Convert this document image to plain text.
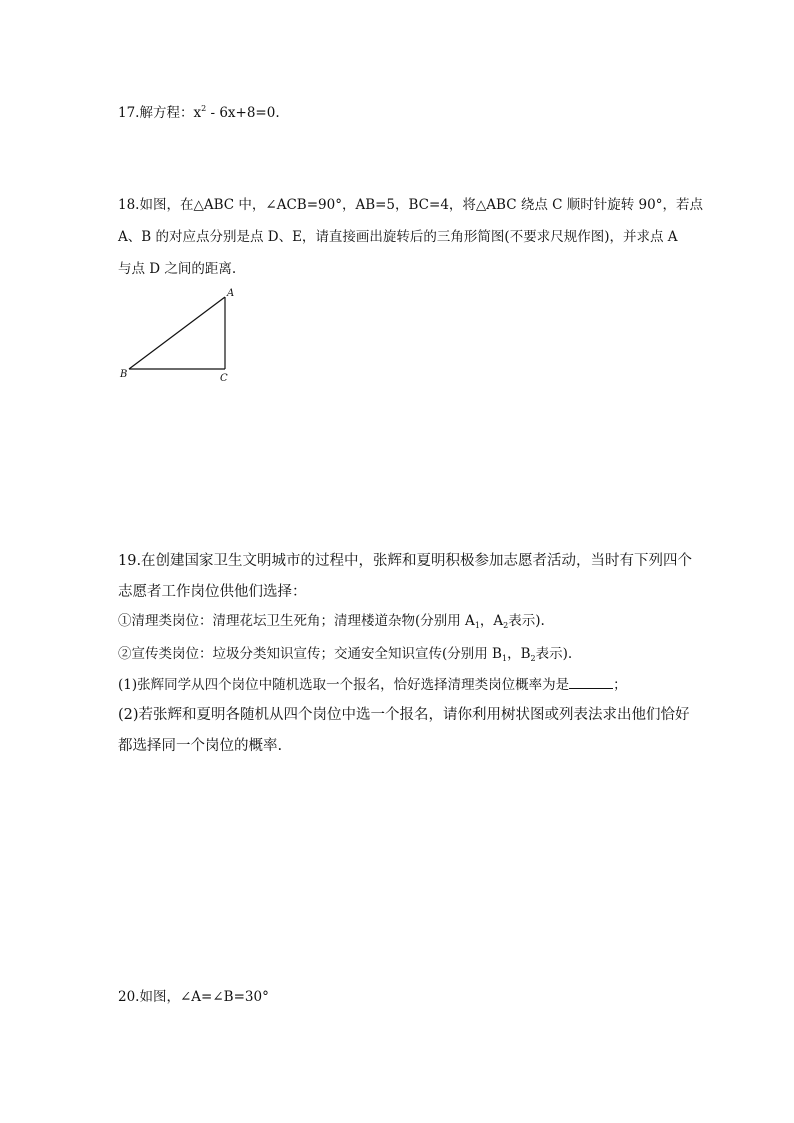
17.解方程：$x^2 - 6x+8=0$.
18.如图，在△ABC 中，∠ACB=90°，AB=5，BC=4，将△ABC 绕点 C 顺时针旋转 90°，若点
A、B 的对应点分别是点 D、E，请直接画出旋转后的三角形简图(不要求尺规作图)，并求点 A
与点 D 之间的距离.
A
B	C
19.在创建国家卫生文明城市的过程中，张辉和夏明积极参加志愿者活动，当时有下列四个
志愿者工作岗位供他们选择：
①清理类岗位：清理花坛卫生死角；清理楼道杂物(分别用 $A_1$，$A_2$表示).
②宣传类岗位：垃圾分类知识宣传；交通安全知识宣传(分别用 $B_1$，$B_2$表示).
(1)张辉同学从四个岗位中随机选取一个报名，恰好选择清理类岗位概率为是	；
(2)若张辉和夏明各随机从四个岗位中选一个报名，请你利用树状图或列表法求出他们恰好
都选择同一个岗位的概率.
20.如图，∠A=∠B=30°
